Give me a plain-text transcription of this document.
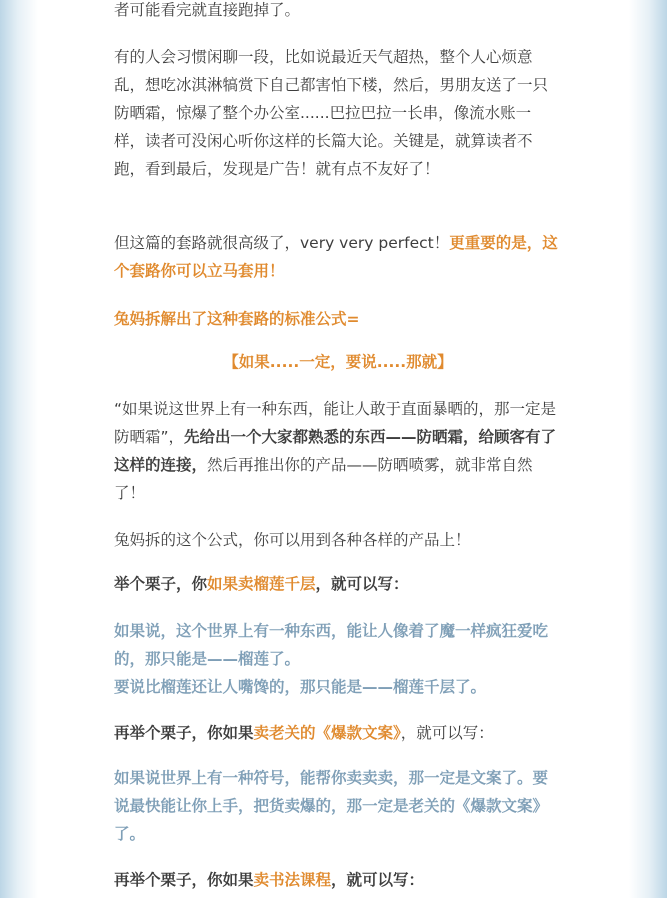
者可能看完就直接跑掉了。

有的人会习惯闲聊一段，比如说最近天气超热，整个人心烦意乱，想吃冰淇淋犒赏下自己都害怕下楼，然后，男朋友送了一只防晒霜，惊爆了整个办公室......巴拉巴拉一长串，像流水账一样，读者可没闲心听你这样的长篇大论。关键是，就算读者不跑，看到最后，发现是广告！就有点不友好了！

但这篇的套路就很高级了，very very perfect！更重要的是，这个套路你可以立马套用！

兔妈拆解出了这种套路的标准公式=

【如果.....一定，要说.....那就】

“如果说这世界上有一种东西，能让人敢于直面暴晒的，那一定是防晒霜”，先给出一个大家都熟悉的东西——防晒霜，给顾客有了这样的连接，然后再推出你的产品——防晒喷雾，就非常自然了！

兔妈拆的这个公式，你可以用到各种各样的产品上！

举个栗子，你如果卖榴莲千层，就可以写：

如果说，这个世界上有一种东西，能让人像着了魔一样疯狂爱吃的，那只能是——榴莲了。
要说比榴莲还让人嘴馋的，那只能是——榴莲千层了。

再举个栗子，你如果卖老关的《爆款文案》，就可以写：

如果说世界上有一种符号，能帮你卖卖卖，那一定是文案了。要说最快能让你上手，把货卖爆的，那一定是老关的《爆款文案》了。

再举个栗子，你如果卖书法课程，就可以写：
